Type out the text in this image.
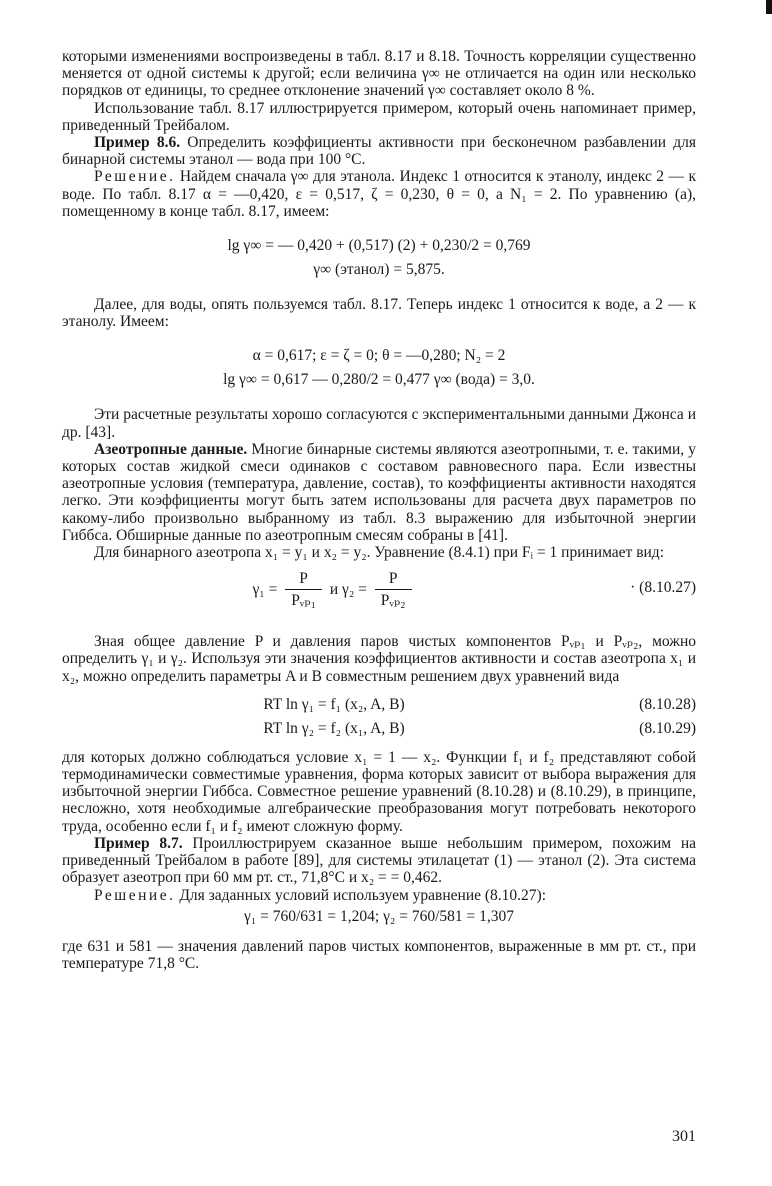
которыми изменениями воспроизведены в табл. 8.17 и 8.18. Точность корреляции существенно меняется от одной системы к другой; если величина γ∞ не отличается на один или несколько порядков от единицы, то среднее отклонение значений γ∞ составляет около 8 %.

Использование табл. 8.17 иллюстрируется примером, который очень напоминает пример, приведенный Трейбалом.

Пример 8.6. Определить коэффициенты активности при бесконечном разбавлении для бинарной системы этанол — вода при 100 °С.

Решение. Найдем сначала γ∞ для этанола. Индекс 1 относится к этанолу, индекс 2 — к воде. По табл. 8.17 α = —0,420, ε = 0,517, ζ = 0,230, θ = 0, а N₁ = 2. По уравнению (a), помещенному в конце табл. 8.17, имеем:

lg γ∞ = — 0,420 + (0,517) (2) + 0,230/2 = 0,769

γ∞ (этанол) = 5,875.

Далее, для воды, опять пользуемся табл. 8.17. Теперь индекс 1 относится к воде, а 2 — к этанолу. Имеем:

α = 0,617; ε = ζ = 0; θ = —0,280; N₂ = 2

lg γ∞ = 0,617 — 0,280/2 = 0,477 γ∞ (вода) = 3,0.

Эти расчетные результаты хорошо согласуются с экспериментальными данными Джонса и др. [43].

Азеотропные данные. Многие бинарные системы являются азеотропными, т. е. такими, у которых состав жидкой смеси одинаков с составом равновесного пара. Если известны азеотропные условия (температура, давление, состав), то коэффициенты активности находятся легко. Эти коэффициенты могут быть затем использованы для расчета двух параметров по какому-либо произвольно выбранному из табл. 8.3 выражению для избыточной энергии Гиббса. Обширные данные по азеотропным смесям собраны в [41].

Для бинарного азеотропа x₁ = y₁ и x₂ = y₂. Уравнение (8.4.1) при Fᵢ = 1 принимает вид:

$\gamma_1 = \frac{P}{\text{Pᵥₚ₁}}$ и $\gamma_2 = \frac{P}{\text{Pᵥₚ₂}}$	· (8.10.27)

Зная общее давление P и давления паров чистых компонентов Pᵥₚ₁ и Pᵥₚ₂, можно определить γ₁ и γ₂. Используя эти значения коэффициентов активности и состав азеотропа x₁ и x₂, можно определить параметры A и B совместным решением двух уравнений вида

RT ln γ₁ = f₁ (x₂, A, B)	(8.10.28)
RT ln γ₂ = f₂ (x₁, A, B)	(8.10.29)

для которых должно соблюдаться условие x₁ = 1 — x₂. Функции f₁ и f₂ представляют собой термодинамически совместимые уравнения, форма которых зависит от выбора выражения для избыточной энергии Гиббса. Совместное решение уравнений (8.10.28) и (8.10.29), в принципе, несложно, хотя необходимые алгебраические преобразования могут потребовать некоторого труда, особенно если f₁ и f₂ имеют сложную форму.

Пример 8.7. Проиллюстрируем сказанное выше небольшим примером, похожим на приведенный Трейбалом в работе [89], для системы этилацетат (1) — этанол (2). Эта система образует азеотроп при 60 мм рт. ст., 71,8°С и x₂ = = 0,462.

Решение. Для заданных условий используем уравнение (8.10.27):

γ₁ = 760/631 = 1,204; γ₂ = 760/581 = 1,307

где 631 и 581 — значения давлений паров чистых компонентов, выраженные в мм рт. ст., при температуре 71,8 °С.

301
